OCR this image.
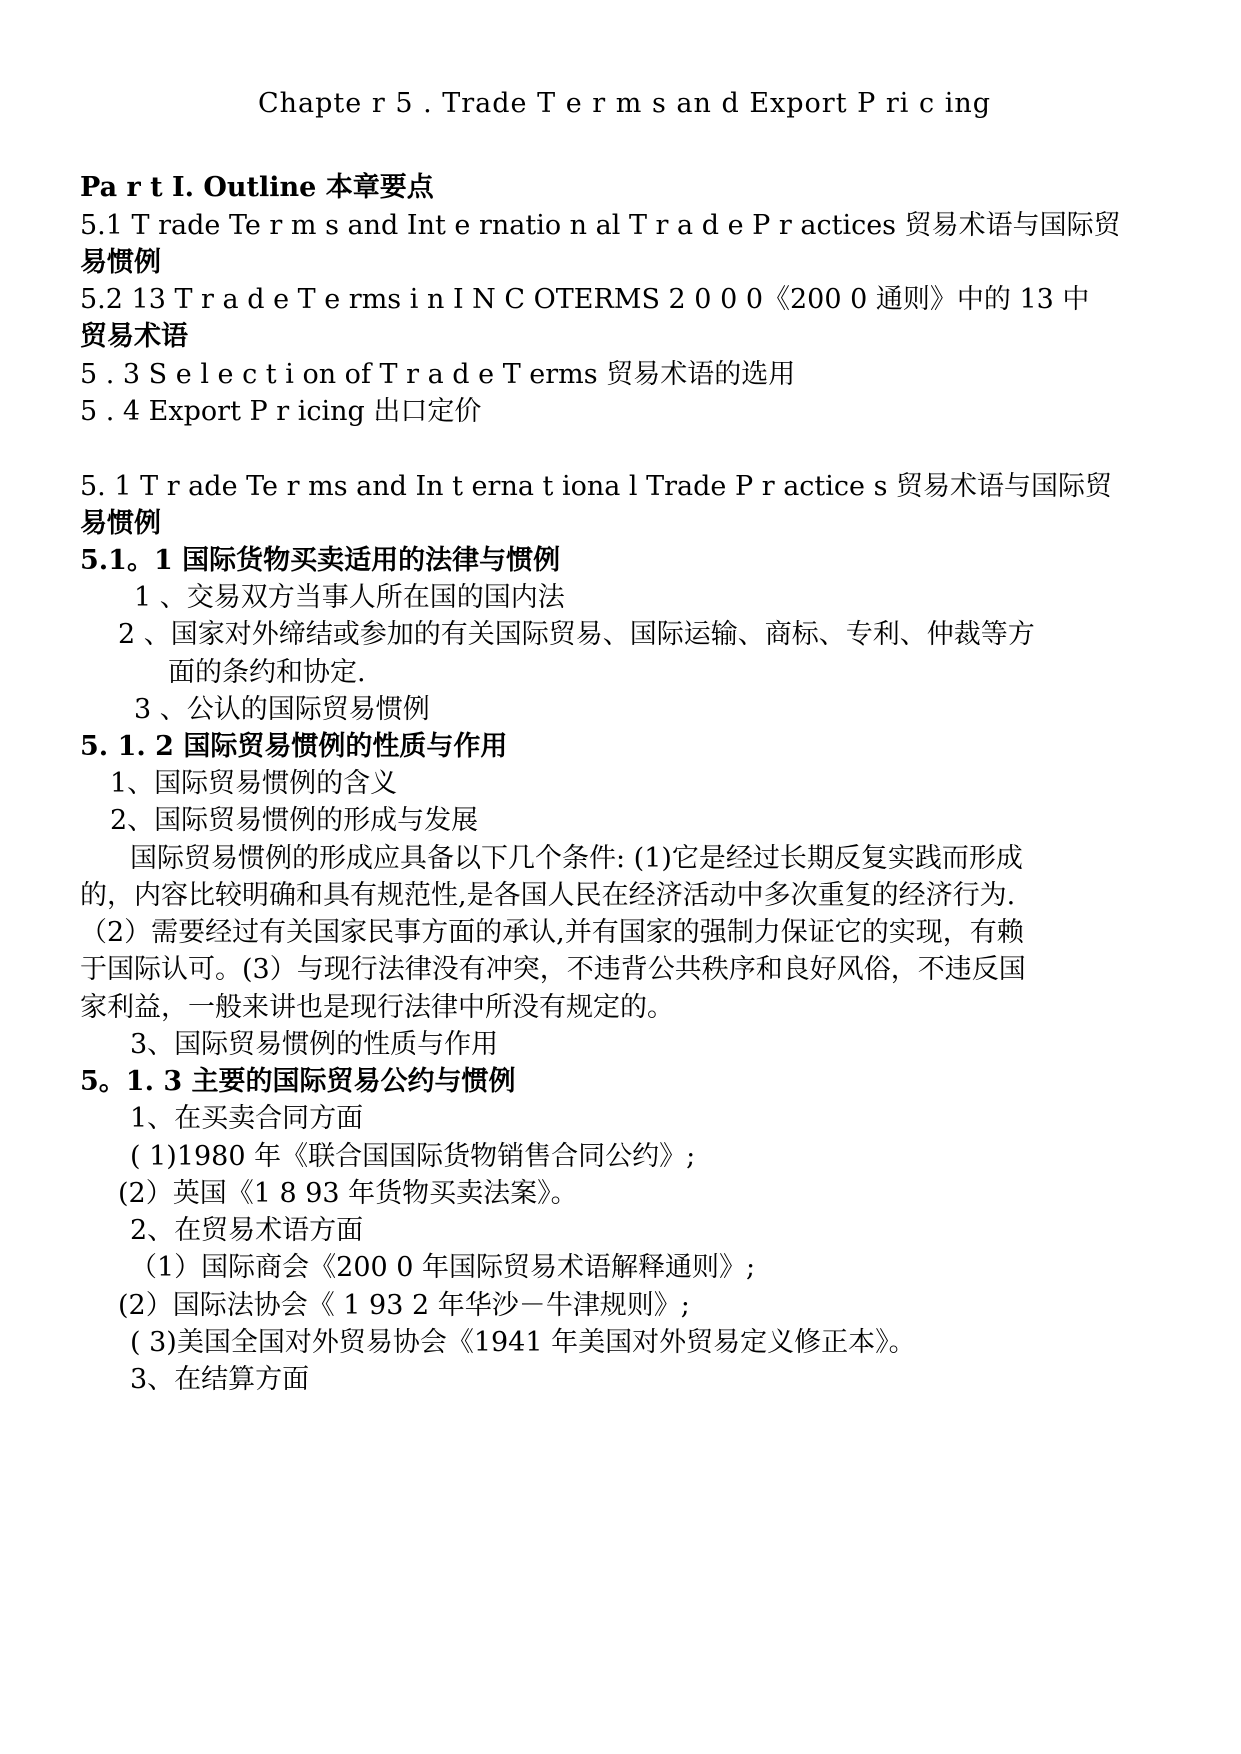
Chapte r 5 . Trade T e r m s an d Export P ri c ing
Pa r t Ⅰ. Outline 本章要点
5.1 T rade Te r m s and Int e rnatio n al T r a d e P r actices 贸易术语与国际贸
易惯例
5.2 13 T r a d e T e rms i n I N C OTERMS 2 0 0 0《200 0 通则》中的 13 中
贸易术语
5 . 3 S e l e c t i on of T r a d e T erms 贸易术语的选用
5 . 4 Export P r icing 出口定价
5. 1 T r ade Te r ms and In t erna t iona l Trade P r actice s 贸易术语与国际贸
易惯例
5.1。1 国际货物买卖适用的法律与惯例
1 、交易双方当事人所在国的国内法
2 、国家对外缔结或参加的有关国际贸易、国际运输、商标、专利、仲裁等方
面的条约和协定.
3 、公认的国际贸易惯例
5. 1. 2 国际贸易惯例的性质与作用
1、国际贸易惯例的含义
2、国际贸易惯例的形成与发展
国际贸易惯例的形成应具备以下几个条件: (1)它是经过长期反复实践而形成
的，内容比较明确和具有规范性,是各国人民在经济活动中多次重复的经济行为.
（2）需要经过有关国家民事方面的承认,并有国家的强制力保证它的实现，有赖
于国际认可。(3）与现行法律没有冲突，不违背公共秩序和良好风俗，不违反国
家利益，一般来讲也是现行法律中所没有规定的。
3、国际贸易惯例的性质与作用
5。1. 3 主要的国际贸易公约与惯例
1、在买卖合同方面
( 1)1980 年《联合国国际货物销售合同公约》;
(2）英国《1 8 93 年货物买卖法案》。
2、在贸易术语方面
（1）国际商会《200 0 年国际贸易术语解释通则》;
(2）国际法协会《 1 93 2 年华沙－牛津规则》;
( 3)美国全国对外贸易协会《1941 年美国对外贸易定义修正本》。
3、在结算方面
